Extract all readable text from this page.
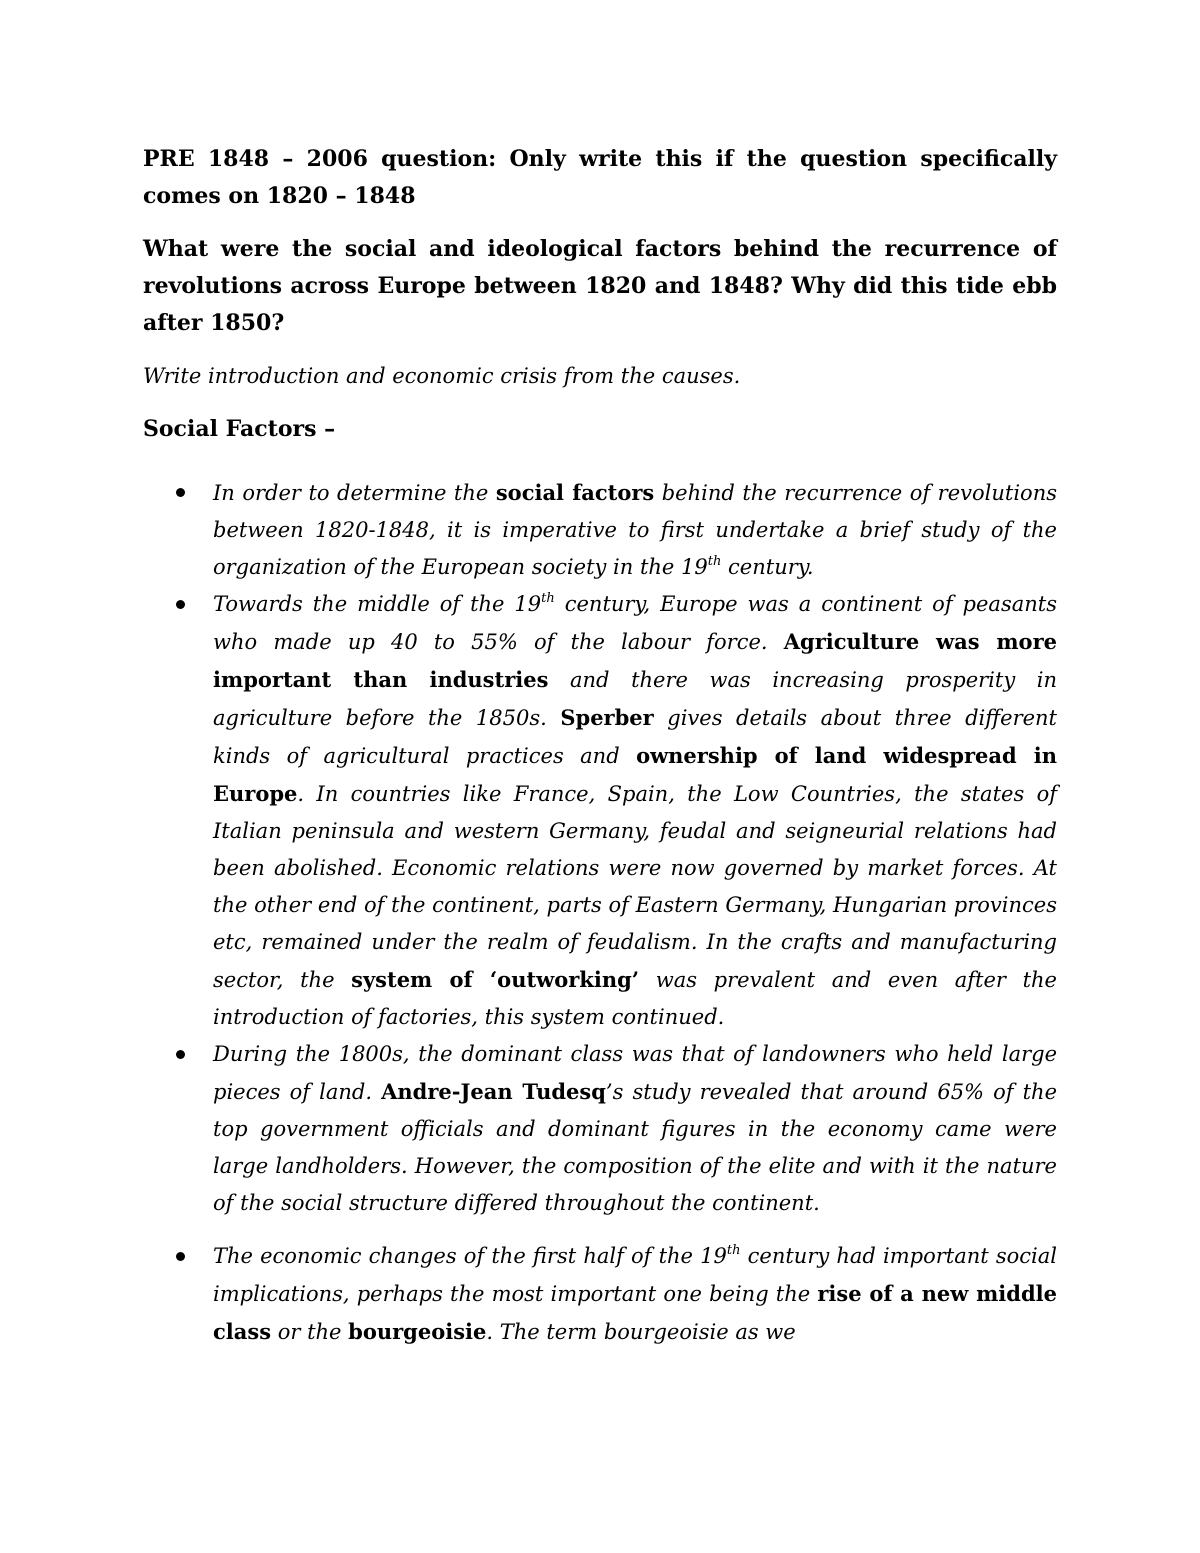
PRE 1848 – 2006 question: Only write this if the question specifically comes on 1820 – 1848

What were the social and ideological factors behind the recurrence of revolutions across Europe between 1820 and 1848? Why did this tide ebb after 1850?

Write introduction and economic crisis from the causes.

Social Factors –

In order to determine the social factors behind the recurrence of revolutions between 1820-1848, it is imperative to first undertake a brief study of the organization of the European society in the 19th century.
Towards the middle of the 19th century, Europe was a continent of peasants who made up 40 to 55% of the labour force. Agriculture was more important than industries and there was increasing prosperity in agriculture before the 1850s. Sperber gives details about three different kinds of agricultural practices and ownership of land widespread in Europe. In countries like France, Spain, the Low Countries, the states of Italian peninsula and western Germany, feudal and seigneurial relations had been abolished. Economic relations were now governed by market forces. At the other end of the continent, parts of Eastern Germany, Hungarian provinces etc, remained under the realm of feudalism. In the crafts and manufacturing sector, the system of ‘outworking’ was prevalent and even after the introduction of factories, this system continued.
During the 1800s, the dominant class was that of landowners who held large pieces of land. Andre-Jean Tudesq’s study revealed that around 65% of the top government officials and dominant figures in the economy came were large landholders. However, the composition of the elite and with it the nature of the social structure differed throughout the continent.
The economic changes of the first half of the 19th century had important social implications, perhaps the most important one being the rise of a new middle class or the bourgeoisie. The term bourgeoisie as we
